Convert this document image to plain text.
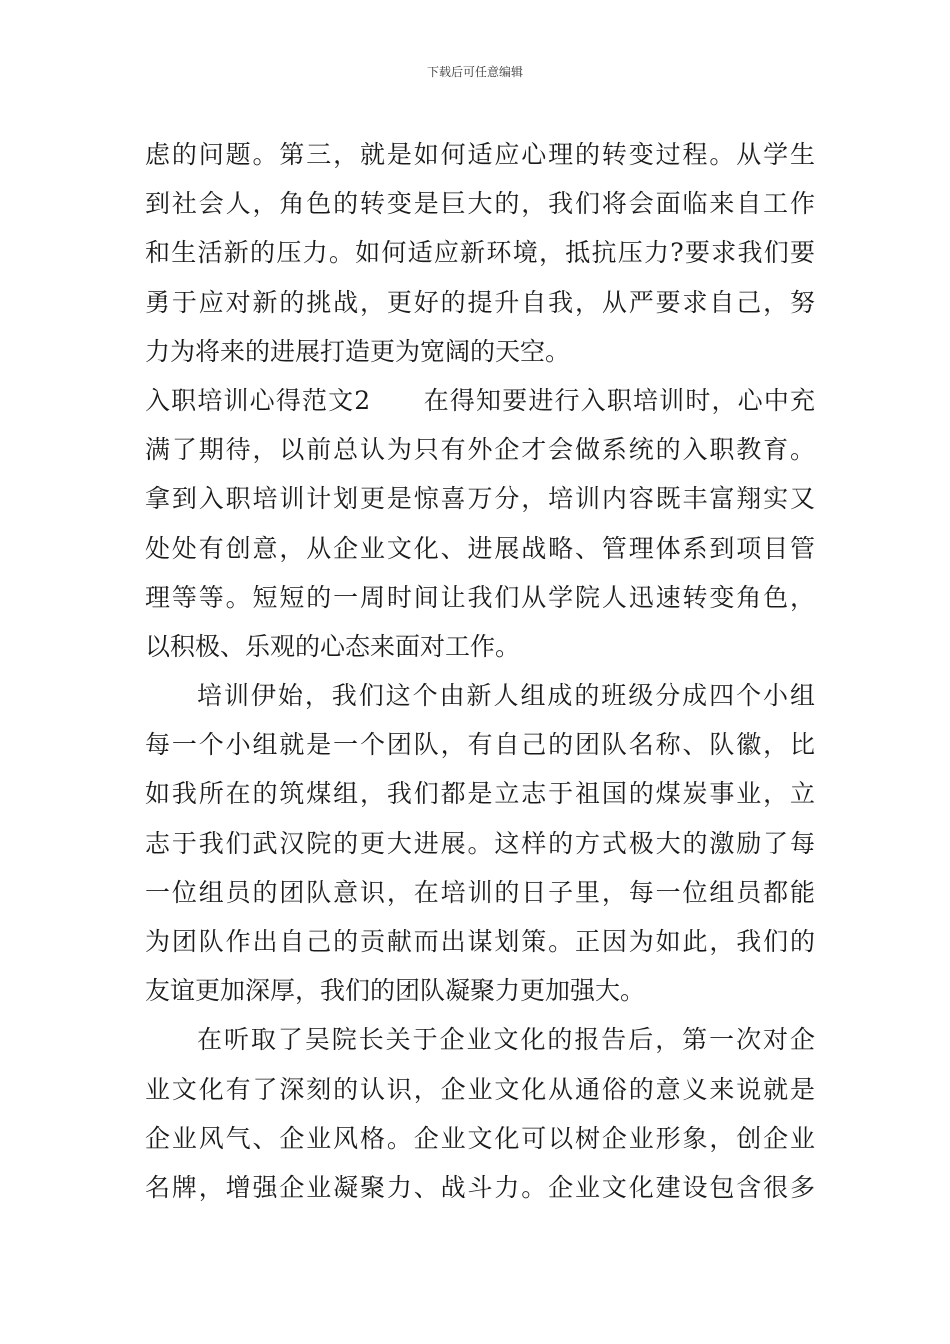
下载后可任意编辑
虑的问题。第三，就是如何适应心理的转变过程。从学生
到社会人，角色的转变是巨大的，我们将会面临来自工作
和生活新的压力。如何适应新环境，抵抗压力?要求我们要
勇于应对新的挑战，更好的提升自我，从严要求自己，努
力为将来的进展打造更为宽阔的天空。
入职培训心得范文2　　在得知要进行入职培训时，心中充
满了期待，以前总认为只有外企才会做系统的入职教育。
拿到入职培训计划更是惊喜万分，培训内容既丰富翔实又
处处有创意，从企业文化、进展战略、管理体系到项目管
理等等。短短的一周时间让我们从学院人迅速转变角色，
以积极、乐观的心态来面对工作。
培训伊始，我们这个由新人组成的班级分成四个小组
每一个小组就是一个团队，有自己的团队名称、队徽，比
如我所在的筑煤组，我们都是立志于祖国的煤炭事业，立
志于我们武汉院的更大进展。这样的方式极大的激励了每
一位组员的团队意识，在培训的日子里，每一位组员都能
为团队作出自己的贡献而出谋划策。正因为如此，我们的
友谊更加深厚，我们的团队凝聚力更加强大。
在听取了吴院长关于企业文化的报告后，第一次对企
业文化有了深刻的认识，企业文化从通俗的意义来说就是
企业风气、企业风格。企业文化可以树企业形象，创企业
名牌，增强企业凝聚力、战斗力。企业文化建设包含很多
